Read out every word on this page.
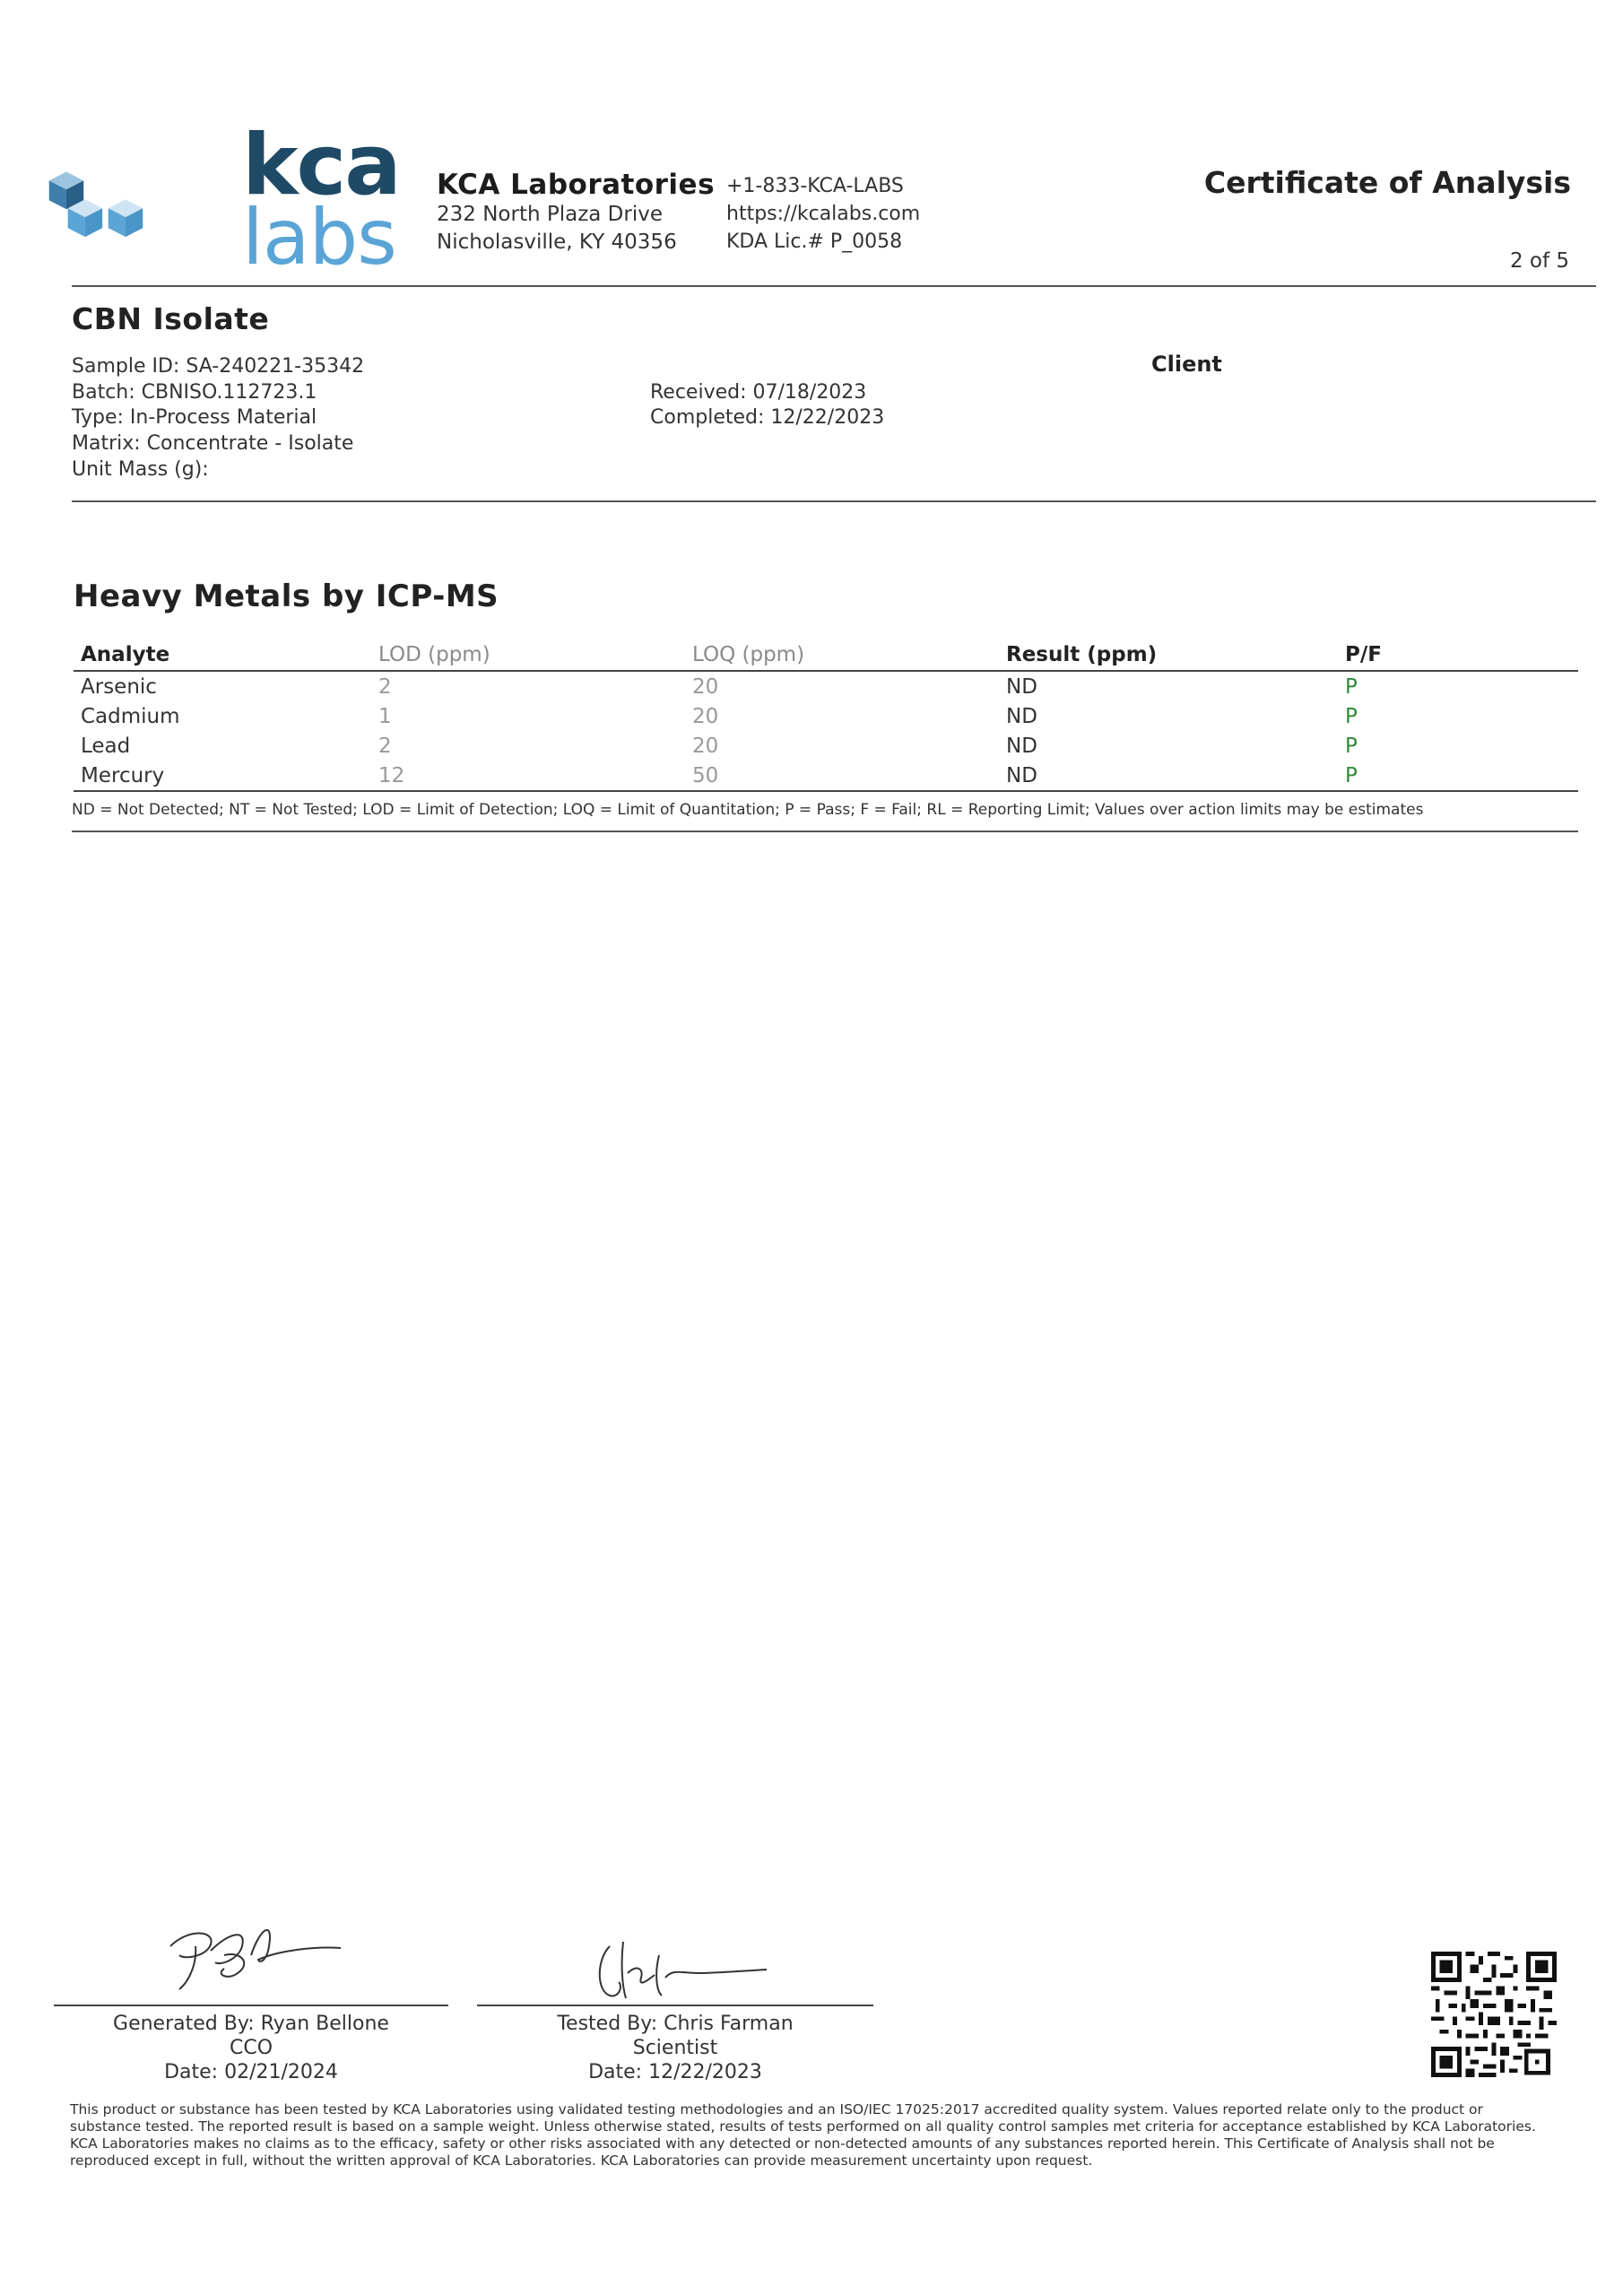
kca
labs
KCA Laboratories
232 North Plaza Drive
Nicholasville, KY 40356
+1-833-KCA-LABS
https://kcalabs.com
KDA Lic.# P_0058
Certificate of Analysis
2 of 5
CBN Isolate
Sample ID: SA-240221-35342
Batch: CBNISO.112723.1
Type: In-Process Material
Matrix: Concentrate - Isolate
Unit Mass (g):
Received: 07/18/2023
Completed: 12/22/2023
Client
Heavy Metals by ICP-MS
Analyte	LOD (ppm)	LOQ (ppm)	Result (ppm)	P/F
Arsenic	2	20	ND	P
Cadmium	1	20	ND	P
Lead	2	20	ND	P
Mercury	12	50	ND	P
ND = Not Detected; NT = Not Tested; LOD = Limit of Detection; LOQ = Limit of Quantitation; P = Pass; F = Fail; RL = Reporting Limit; Values over action limits may be estimates
Generated By: Ryan Bellone
CCO
Date: 02/21/2024
Tested By: Chris Farman
Scientist
Date: 12/22/2023
This product or substance has been tested by KCA Laboratories using validated testing methodologies and an ISO/IEC 17025:2017 accredited quality system. Values reported relate only to the product or substance tested. The reported result is based on a sample weight. Unless otherwise stated, results of tests performed on all quality control samples met criteria for acceptance established by KCA Laboratories. KCA Laboratories makes no claims as to the efficacy, safety or other risks associated with any detected or non-detected amounts of any substances reported herein. This Certificate of Analysis shall not be reproduced except in full, without the written approval of KCA Laboratories. KCA Laboratories can provide measurement uncertainty upon request.
